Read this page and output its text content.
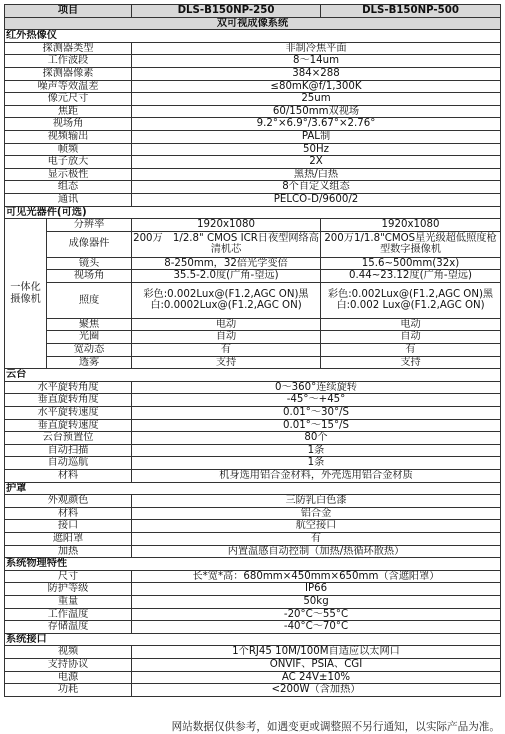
项目		DLS-B150NP-250	DLS-B150NP-500
双可视成像系统			
红外热像仪			
探测器类型		非制冷焦平面	
工作波段		8～14um	
探测器像素		384×288	
噪声等效温差		≤80mK@f/1,300K	
像元尺寸		25um	
焦距		60/150mm双视场	
视场角		9.2°×6.9°/3.67°×2.76°	
视频输出		PAL制	
帧频		50Hz	
电子放大		2X	
显示极性		黑热/白热	
组态		8个自定义组态	
通讯		PELCO-D/9600/2	
可见光器件(可选)			
一体化摄像机	分辨率	1920x1080	1920x1080
	成像器件	200万　1/2.8" CMOS ICR日夜型网络高清机芯	200万1/1.8"CMOS星光级超低照度枪型数字摄像机
	镜头	8-250mm，32倍光学变倍	15.6~500mm(32x)
	视场角	35.5-2.0度(广角-望远)	0.44~23.12度(广角-望远)
	照度	彩色:0.002Lux@(F1.2,AGC ON)黑白:0.0002Lux@(F1.2,AGC ON)	彩色:0.002Lux@(F1.2,AGC ON)黑白:0.002 Lux@(F1.2,AGC ON)
	聚焦	电动	电动
	光圈	自动	自动
	宽动态	有	有
	透雾	支持	支持
云台			
水平旋转角度		0～360°连续旋转	
垂直旋转角度		-45°～+45°	
水平旋转速度		0.01°～30°/S	
垂直旋转速度		0.01°～15°/S	
云台预置位		80个	
自动扫描		1条	
自动巡航		1条	
材料		机身选用铝合金材料，外壳选用铝合金材质	
护罩			
外观颜色		三防乳白色漆	
材料		铝合金	
接口		航空接口	
遮阳罩		有	
加热		内置温感自动控制（加热/热循环散热）	
系统物理特性			
尺寸		长*宽*高：680mm×450mm×650mm（含遮阳罩）	
防护等级		IP66	
重量		50kg	
工作温度		-20°C～55°C	
存储温度		-40°C～70°C	
系统接口			
视频		1个RJ45 10M/100M自适应以太网口	
支持协议		ONVIF、PSIA、CGI	
电源		AC 24V±10%	
功耗		<200W（含加热）	
网站数据仅供参考，如遇变更或调整照不另行通知，以实际产品为准。
